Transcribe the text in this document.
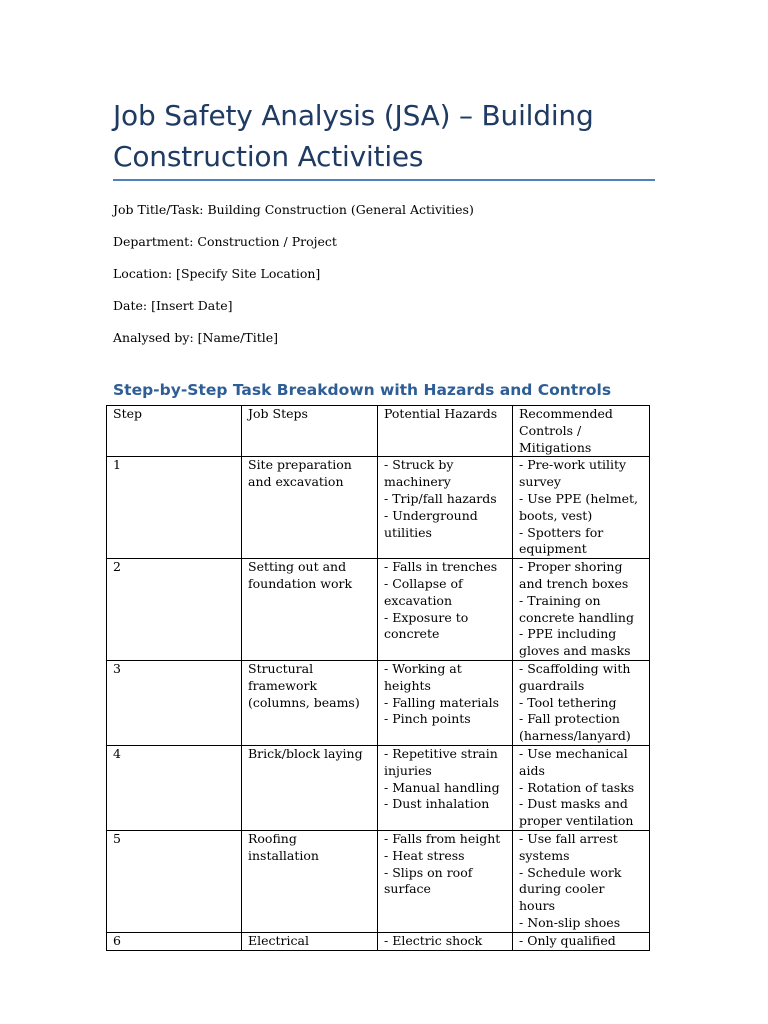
Job Safety Analysis (JSA) – Building Construction Activities

Job Title/Task: Building Construction (General Activities)

Department: Construction / Project

Location: [Specify Site Location]

Date: [Insert Date]

Analysed by: [Name/Title]

Step-by-Step Task Breakdown with Hazards and Controls
Step	Job Steps	Potential Hazards	Recommended Controls / Mitigations
1	Site preparation and excavation	- Struck by machinery
- Trip/fall hazards
- Underground utilities	- Pre-work utility survey
- Use PPE (helmet, boots, vest)
- Spotters for equipment

2	Setting out and foundation work	- Falls in trenches
- Collapse of excavation
- Exposure to concrete	- Proper shoring and trench boxes
- Training on concrete handling
- PPE including gloves and masks

3	Structural framework (columns, beams)	- Working at heights
- Falling materials
- Pinch points	- Scaffolding with guardrails
- Tool tethering
- Fall protection (harness/lanyard)

4	Brick/block laying	- Repetitive strain injuries
- Manual handling
- Dust inhalation	- Use mechanical aids
- Rotation of tasks
- Dust masks and proper ventilation

5	Roofing installation	- Falls from height
- Heat stress
- Slips on roof surface	- Use fall arrest systems
- Schedule work during cooler hours
- Non-slip shoes

6	Electrical	- Electric shock	- Only qualified
